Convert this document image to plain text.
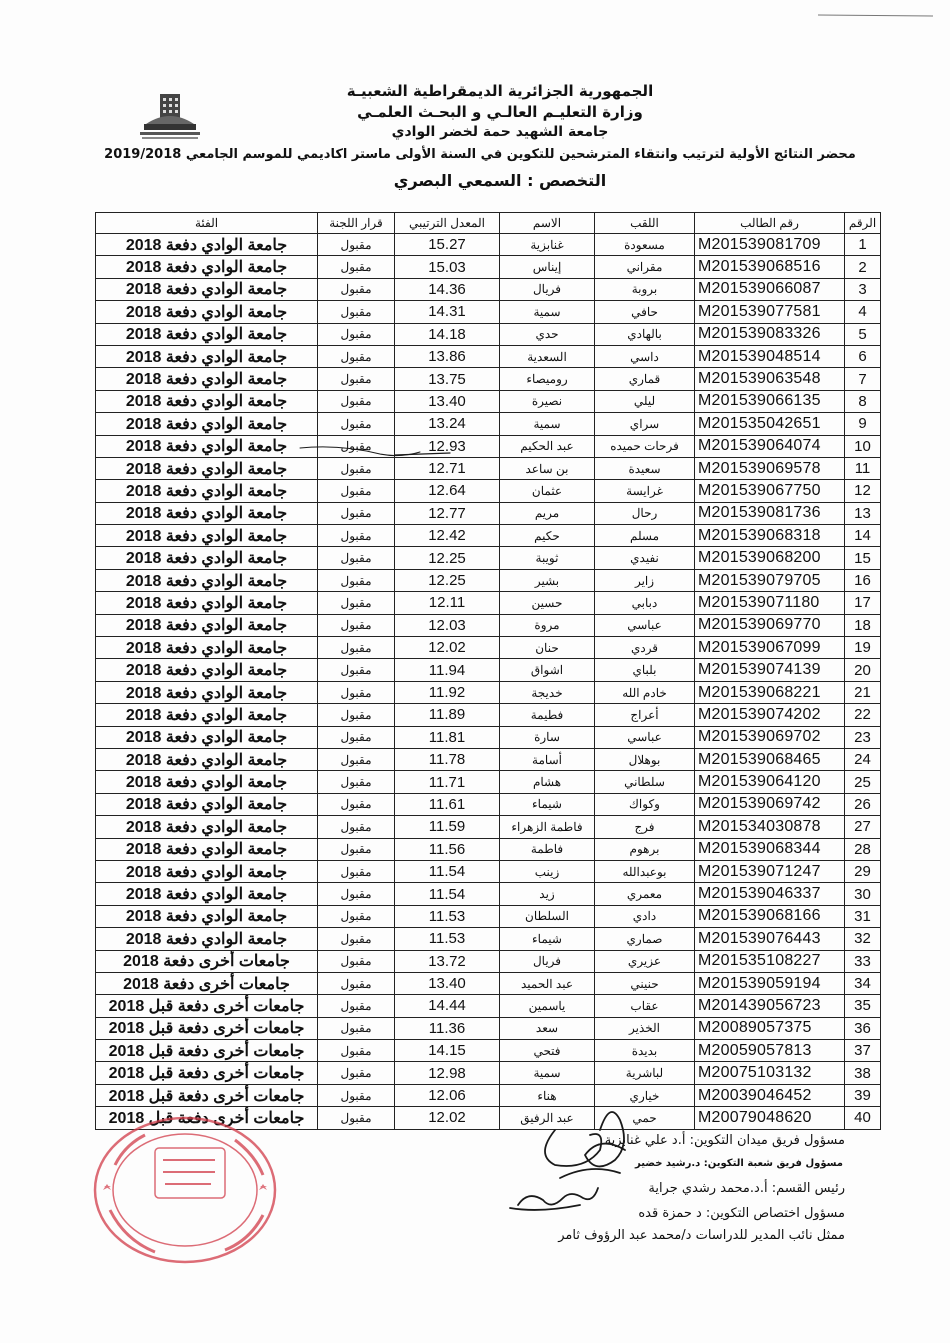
الجمهورية الجزائرية الديمقراطية الشعبيـة
وزارة التعليـم العالـي و البحـث العلمـي
جامعة الشهيد حمة لخضر الوادي
محضر النتائج الأولية لترتيب وانتقاء المترشحين للتكوين في السنة الأولى ماستر اكاديمي للموسم الجامعي 2019/2018
التخصص : السمعي البصري
الرقم	رقم الطالب	اللقب	الاسم	المعدل الترتيبي	قرار اللجنة	الفئة
1	M201539081709	مسعودة	غنابزية	15.27	مقبول	جامعة الوادي دفعة 2018
2	M201539068516	مقراني	إيناس	15.03	مقبول	جامعة الوادي دفعة 2018
3	M201539066087	بروبة	فريال	14.36	مقبول	جامعة الوادي دفعة 2018
4	M201539077581	حافي	سمية	14.31	مقبول	جامعة الوادي دفعة 2018
5	M201539083326	بالهادي	حدي	14.18	مقبول	جامعة الوادي دفعة 2018
6	M201539048514	داسي	السعدية	13.86	مقبول	جامعة الوادي دفعة 2018
7	M201539063548	قماري	روميصاء	13.75	مقبول	جامعة الوادي دفعة 2018
8	M201539066135	ليلي	نصيرة	13.40	مقبول	جامعة الوادي دفعة 2018
9	M201535042651	سراي	سمية	13.24	مقبول	جامعة الوادي دفعة 2018
10	M201539064074	فرحات حميده	عبد الحكيم	12.93	مقبول	جامعة الوادي دفعة 2018
11	M201539069578	سعيدة	بن ساعد	12.71	مقبول	جامعة الوادي دفعة 2018
12	M201539067750	غرايسة	عثمان	12.64	مقبول	جامعة الوادي دفعة 2018
13	M201539081736	رحال	مريم	12.77	مقبول	جامعة الوادي دفعة 2018
14	M201539068318	مسلم	حكيم	12.42	مقبول	جامعة الوادي دفعة 2018
15	M201539068200	نفيدي	ثويبة	12.25	مقبول	جامعة الوادي دفعة 2018
16	M201539079705	زاير	بشير	12.25	مقبول	جامعة الوادي دفعة 2018
17	M201539071180	دبابي	حسين	12.11	مقبول	جامعة الوادي دفعة 2018
18	M201539069770	عباسي	مروة	12.03	مقبول	جامعة الوادي دفعة 2018
19	M201539067099	قردي	حنان	12.02	مقبول	جامعة الوادي دفعة 2018
20	M201539074139	بلباي	اشواق	11.94	مقبول	جامعة الوادي دفعة 2018
21	M201539068221	خادم الله	خديجة	11.92	مقبول	جامعة الوادي دفعة 2018
22	M201539074202	أعراج	فطيمة	11.89	مقبول	جامعة الوادي دفعة 2018
23	M201539069702	عباسي	سارة	11.81	مقبول	جامعة الوادي دفعة 2018
24	M201539068465	بوهلال	أسامة	11.78	مقبول	جامعة الوادي دفعة 2018
25	M201539064120	سلطاني	هشام	11.71	مقبول	جامعة الوادي دفعة 2018
26	M201539069742	وكواك	شيماء	11.61	مقبول	جامعة الوادي دفعة 2018
27	M201534030878	فرج	فاطمة الزهراء	11.59	مقبول	جامعة الوادي دفعة 2018
28	M201539068344	برهوم	فاطمة	11.56	مقبول	جامعة الوادي دفعة 2018
29	M201539071247	بوعبدالله	زينب	11.54	مقبول	جامعة الوادي دفعة 2018
30	M201539046337	معمري	زيد	11.54	مقبول	جامعة الوادي دفعة 2018
31	M201539068166	دادي	السلطان	11.53	مقبول	جامعة الوادي دفعة 2018
32	M201539076443	صماري	شيماء	11.53	مقبول	جامعة الوادي دفعة 2018
33	M201535108227	عزيري	فريال	13.72	مقبول	جامعات أخرى دفعة 2018
34	M201539059194	حنيني	عبد الحميد	13.40	مقبول	جامعات أخرى دفعة 2018
35	M201439056723	عقاب	ياسمين	14.44	مقبول	جامعات أخرى دفعة قبل 2018
36	M20089057375	الخذير	سعد	11.36	مقبول	جامعات أخرى دفعة قبل 2018
37	M20059057813	بديدة	فتحي	14.15	مقبول	جامعات أخرى دفعة قبل 2018
38	M20075103132	لباشرية	سمية	12.98	مقبول	جامعات أخرى دفعة قبل 2018
39	M20039046452	خياري	هناء	12.06	مقبول	جامعات أخرى دفعة قبل 2018
40	M20079048620	حمي	عبد الرفيق	12.02	مقبول	جامعات أخرى دفعة قبل 2018
مسؤول فريق ميدان التكوين: أ.د علي غنابزية
مسؤول فريق شعبة التكوين: د.رشيد خضير
رئيس القسم: أ.د.محمد رشدي جراية
مسؤول اختصاص التكوين: د حمزة قده
ممثل نائب المدير للدراسات د/محمد عبد الرؤوف ثامر
